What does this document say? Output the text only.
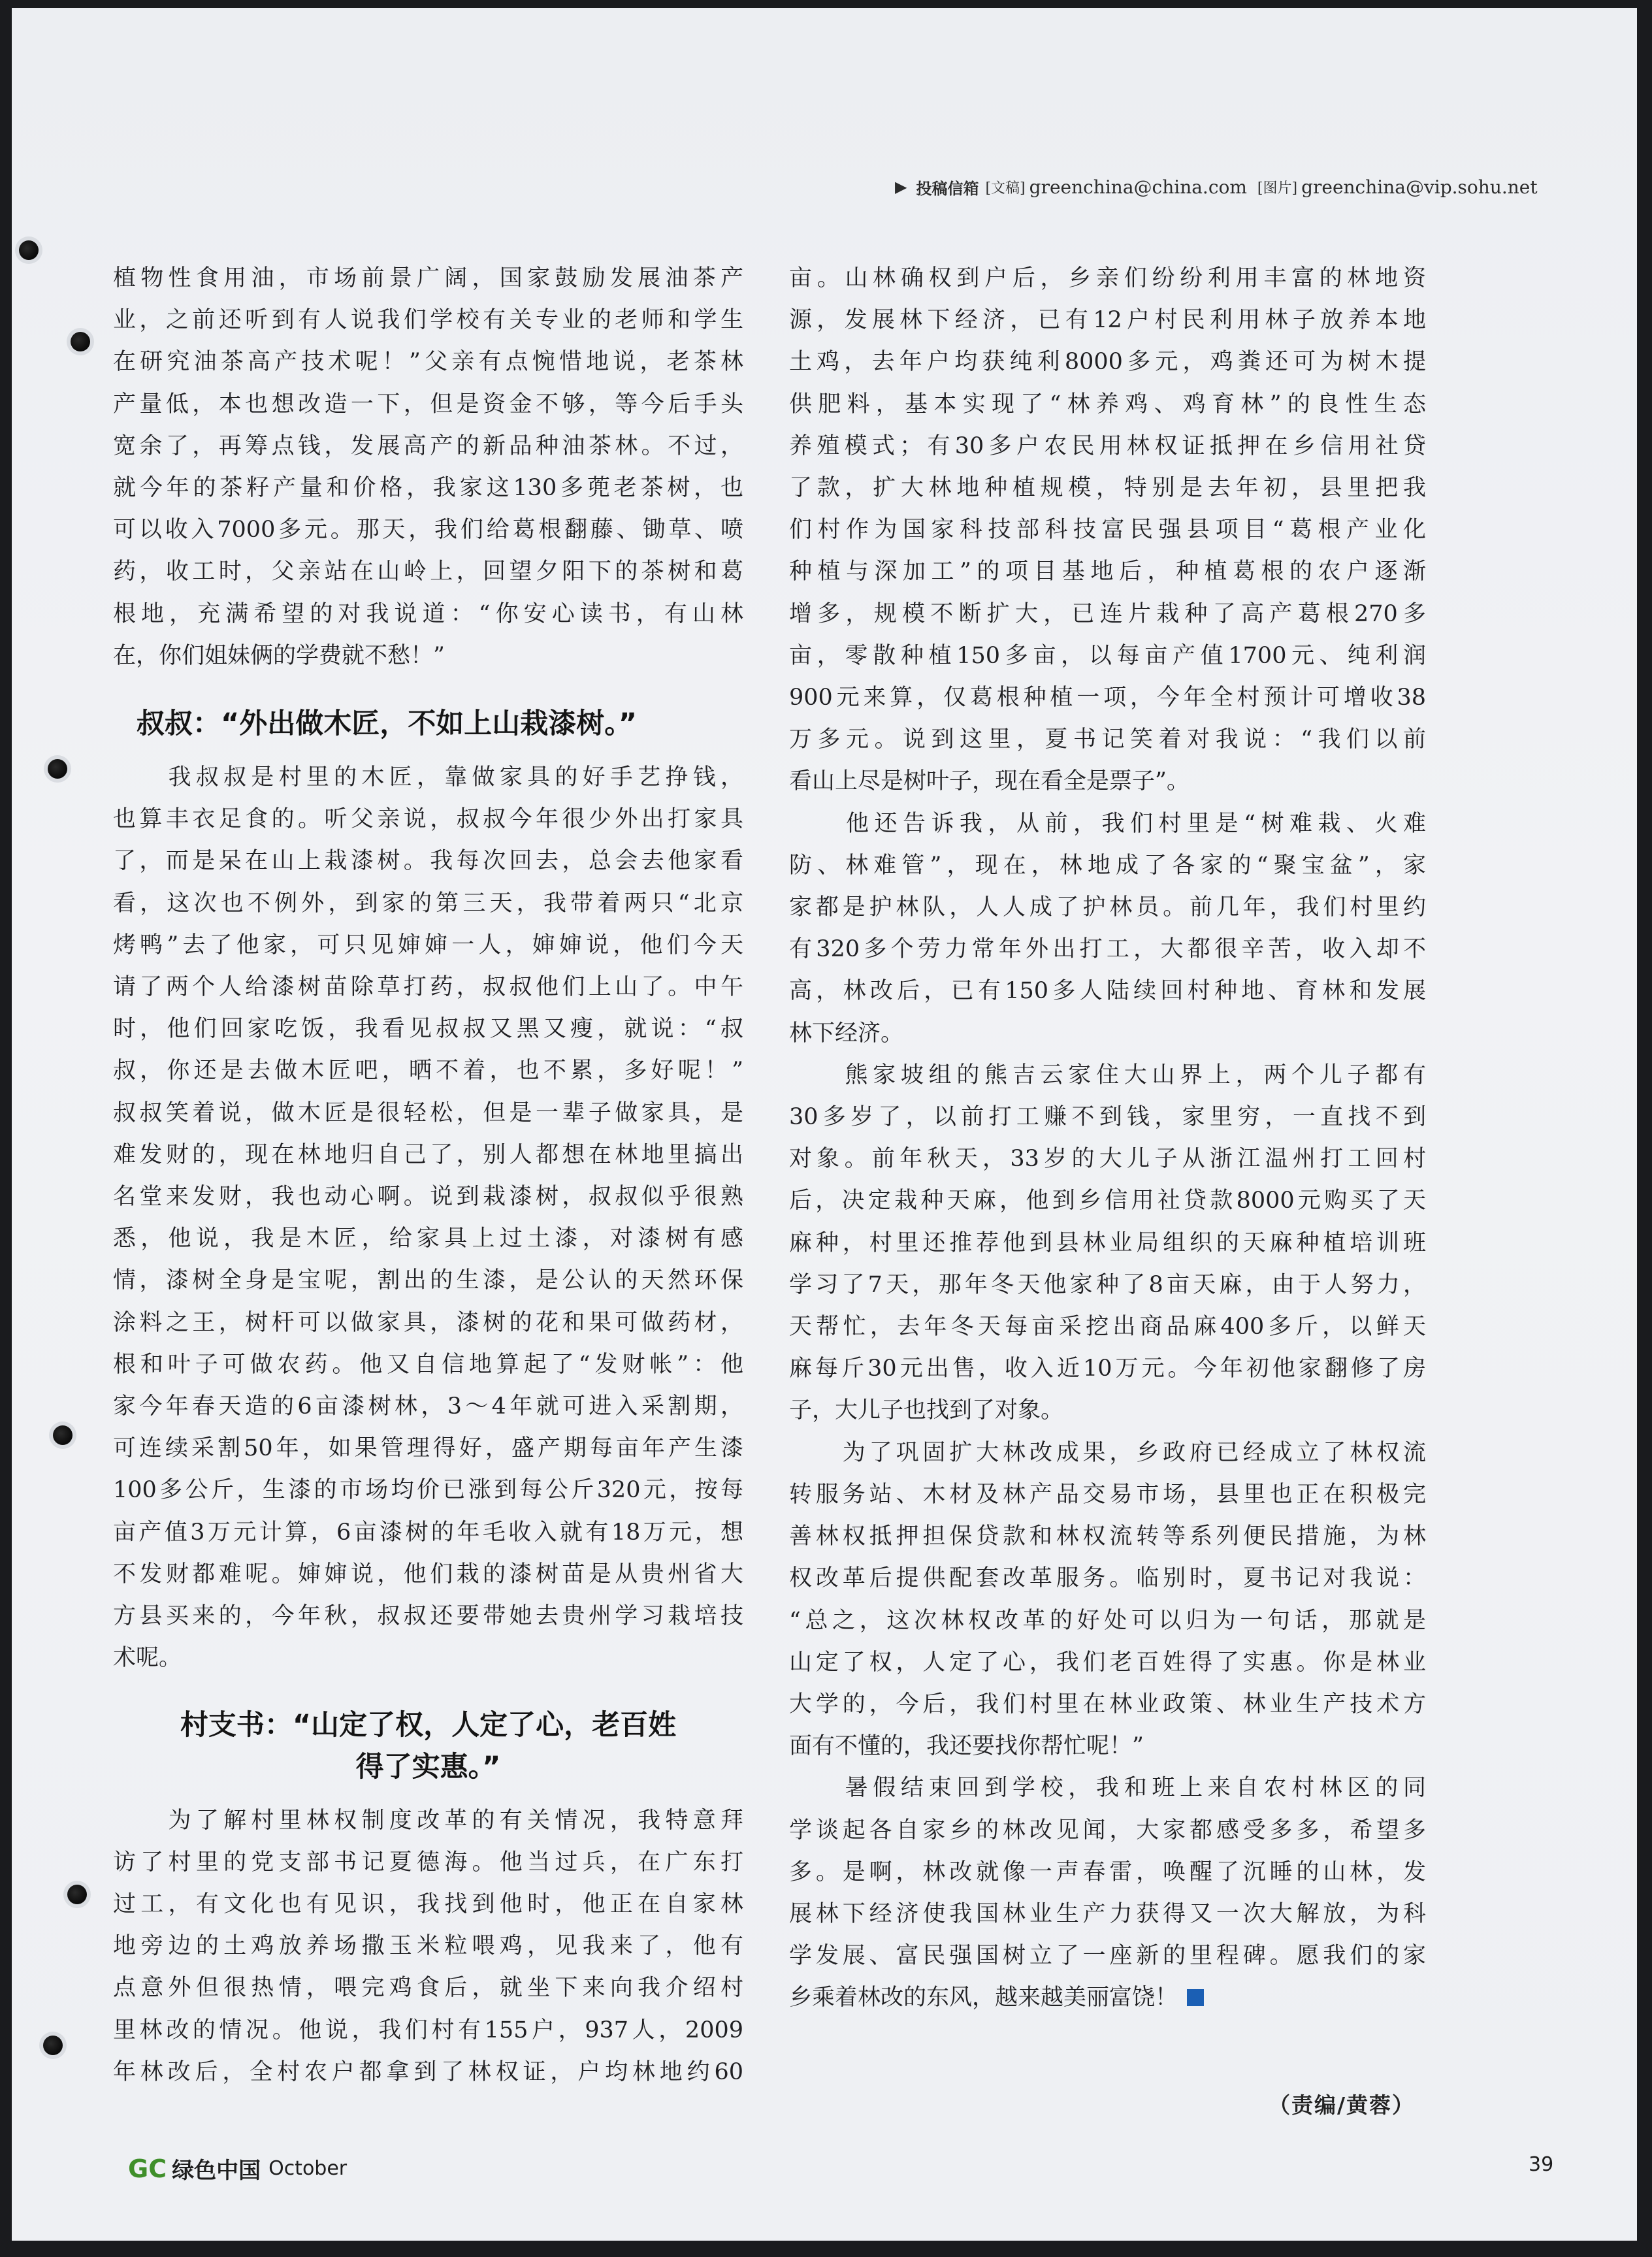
▶ 投稿信箱 [文稿] greenchina@china.com [图片] greenchina@vip.sohu.net

植物性食用油，市场前景广阔，国家鼓励发展油茶产
业，之前还听到有人说我们学校有关专业的老师和学生
在研究油茶高产技术呢！”父亲有点惋惜地说，老茶林
产量低，本也想改造一下，但是资金不够，等今后手头
宽余了，再筹点钱，发展高产的新品种油茶林。不过，
就今年的茶籽产量和价格，我家这130多蔸老茶树，也
可以收入7000多元。那天，我们给葛根翻藤、锄草、喷
药，收工时，父亲站在山岭上，回望夕阳下的茶树和葛
根地，充满希望的对我说道：“你安心读书，有山林
在，你们姐妹俩的学费就不愁！”

叔叔：“外出做木匠，不如上山栽漆树。”

　　我叔叔是村里的木匠，靠做家具的好手艺挣钱，
也算丰衣足食的。听父亲说，叔叔今年很少外出打家具
了，而是呆在山上栽漆树。我每次回去，总会去他家看
看，这次也不例外，到家的第三天，我带着两只“北京
烤鸭”去了他家，可只见婶婶一人，婶婶说，他们今天
请了两个人给漆树苗除草打药，叔叔他们上山了。中午
时，他们回家吃饭，我看见叔叔又黑又瘦，就说：“叔
叔，你还是去做木匠吧，晒不着，也不累，多好呢！”
叔叔笑着说，做木匠是很轻松，但是一辈子做家具，是
难发财的，现在林地归自己了，别人都想在林地里搞出
名堂来发财，我也动心啊。说到栽漆树，叔叔似乎很熟
悉，他说，我是木匠，给家具上过土漆，对漆树有感
情，漆树全身是宝呢，割出的生漆，是公认的天然环保
涂料之王，树杆可以做家具，漆树的花和果可做药材，
根和叶子可做农药。他又自信地算起了“发财帐”：他
家今年春天造的6亩漆树林，3～4年就可进入采割期，
可连续采割50年，如果管理得好，盛产期每亩年产生漆
100多公斤，生漆的市场均价已涨到每公斤320元，按每
亩产值3万元计算，6亩漆树的年毛收入就有18万元，想
不发财都难呢。婶婶说，他们栽的漆树苗是从贵州省大
方县买来的，今年秋，叔叔还要带她去贵州学习栽培技
术呢。

村支书：“山定了权，人定了心，老百姓
得了实惠。”

　　为了解村里林权制度改革的有关情况，我特意拜
访了村里的党支部书记夏德海。他当过兵，在广东打
过工，有文化也有见识，我找到他时，他正在自家林
地旁边的土鸡放养场撒玉米粒喂鸡，见我来了，他有
点意外但很热情，喂完鸡食后，就坐下来向我介绍村
里林改的情况。他说，我们村有155户，937人，2009
年林改后，全村农户都拿到了林权证，户均林地约60

亩。山林确权到户后，乡亲们纷纷利用丰富的林地资
源，发展林下经济，已有12户村民利用林子放养本地
土鸡，去年户均获纯利8000多元，鸡粪还可为树木提
供肥料，基本实现了“林养鸡、鸡育林”的良性生态
养殖模式；有30多户农民用林权证抵押在乡信用社贷
了款，扩大林地种植规模，特别是去年初，县里把我
们村作为国家科技部科技富民强县项目“葛根产业化
种植与深加工”的项目基地后，种植葛根的农户逐渐
增多，规模不断扩大，已连片栽种了高产葛根270多
亩，零散种植150多亩，以每亩产值1700元、纯利润
900元来算，仅葛根种植一项，今年全村预计可增收38
万多元。说到这里，夏书记笑着对我说：“我们以前
看山上尽是树叶子，现在看全是票子”。

　　他还告诉我，从前，我们村里是“树难栽、火难
防、林难管”，现在，林地成了各家的“聚宝盆”，家
家都是护林队，人人成了护林员。前几年，我们村里约
有320多个劳力常年外出打工，大都很辛苦，收入却不
高，林改后，已有150多人陆续回村种地、育林和发展
林下经济。

　　熊家坡组的熊吉云家住大山界上，两个儿子都有
30多岁了，以前打工赚不到钱，家里穷，一直找不到
对象。前年秋天，33岁的大儿子从浙江温州打工回村
后，决定栽种天麻，他到乡信用社贷款8000元购买了天
麻种，村里还推荐他到县林业局组织的天麻种植培训班
学习了7天，那年冬天他家种了8亩天麻，由于人努力，
天帮忙，去年冬天每亩采挖出商品麻400多斤，以鲜天
麻每斤30元出售，收入近10万元。今年初他家翻修了房
子，大儿子也找到了对象。

　　为了巩固扩大林改成果，乡政府已经成立了林权流
转服务站、木材及林产品交易市场，县里也正在积极完
善林权抵押担保贷款和林权流转等系列便民措施，为林
权改革后提供配套改革服务。临别时，夏书记对我说：
“总之，这次林权改革的好处可以归为一句话，那就是
山定了权，人定了心，我们老百姓得了实惠。你是林业
大学的，今后，我们村里在林业政策、林业生产技术方
面有不懂的，我还要找你帮忙呢！”

　　暑假结束回到学校，我和班上来自农村林区的同
学谈起各自家乡的林改见闻，大家都感受多多，希望多
多。是啊，林改就像一声春雷，唤醒了沉睡的山林，发
展林下经济使我国林业生产力获得又一次大解放，为科
学发展、富民强国树立了一座新的里程碑。愿我们的家
乡乘着林改的东风，越来越美丽富饶！

（责编/黄蓉）
GC 绿色中国 October	39
